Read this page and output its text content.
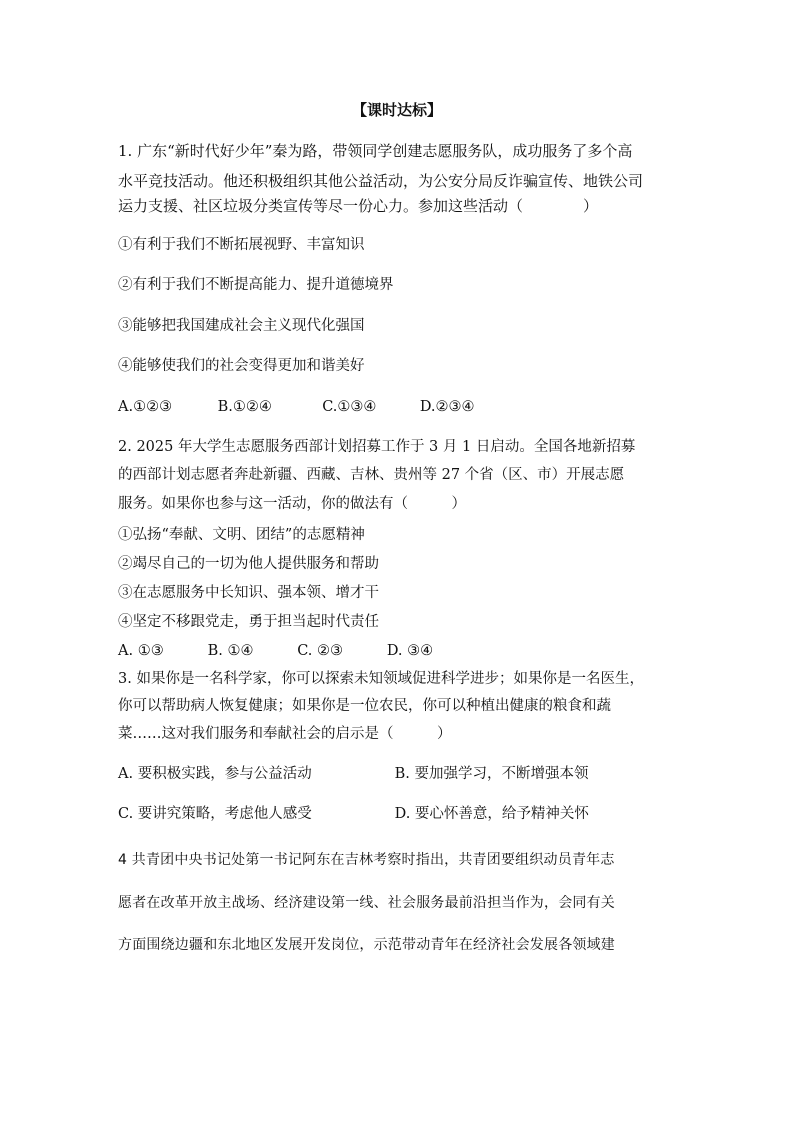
【课时达标】
1. 广东“新时代好少年”秦为路，带领同学创建志愿服务队，成功服务了多个高
水平竞技活动。他还积极组织其他公益活动，为公安分局反诈骗宣传、地铁公司
运力支援、社区垃圾分类宣传等尽一份心力。参加这些活动（　　　　）
①有利于我们不断拓展视野、丰富知识
②有利于我们不断提高能力、提升道德境界
③能够把我国建成社会主义现代化强国
④能够使我们的社会变得更加和谐美好
A.①②③	B.①②④	C.①③④	D.②③④
2. 2025 年大学生志愿服务西部计划招募工作于 3 月 1 日启动。全国各地新招募
的西部计划志愿者奔赴新疆、西藏、吉林、贵州等 27 个省（区、市）开展志愿
服务。如果你也参与这一活动，你的做法有（　　　）
①弘扬“奉献、文明、团结”的志愿精神
②竭尽自己的一切为他人提供服务和帮助
③在志愿服务中长知识、强本领、增才干
④坚定不移跟党走，勇于担当起时代责任
A. ①③	B. ①④	C. ②③	D. ③④
3. 如果你是一名科学家，你可以探索未知领域促进科学进步；如果你是一名医生，
你可以帮助病人恢复健康；如果你是一位农民，你可以种植出健康的粮食和蔬
菜……这对我们服务和奉献社会的启示是（　　　）
A. 要积极实践，参与公益活动	B. 要加强学习，不断增强本领
C. 要讲究策略，考虑他人感受	D. 要心怀善意，给予精神关怀
4 共青团中央书记处第一书记阿东在吉林考察时指出，共青团要组织动员青年志
愿者在改革开放主战场、经济建设第一线、社会服务最前沿担当作为，会同有关
方面围绕边疆和东北地区发展开发岗位，示范带动青年在经济社会发展各领域建
